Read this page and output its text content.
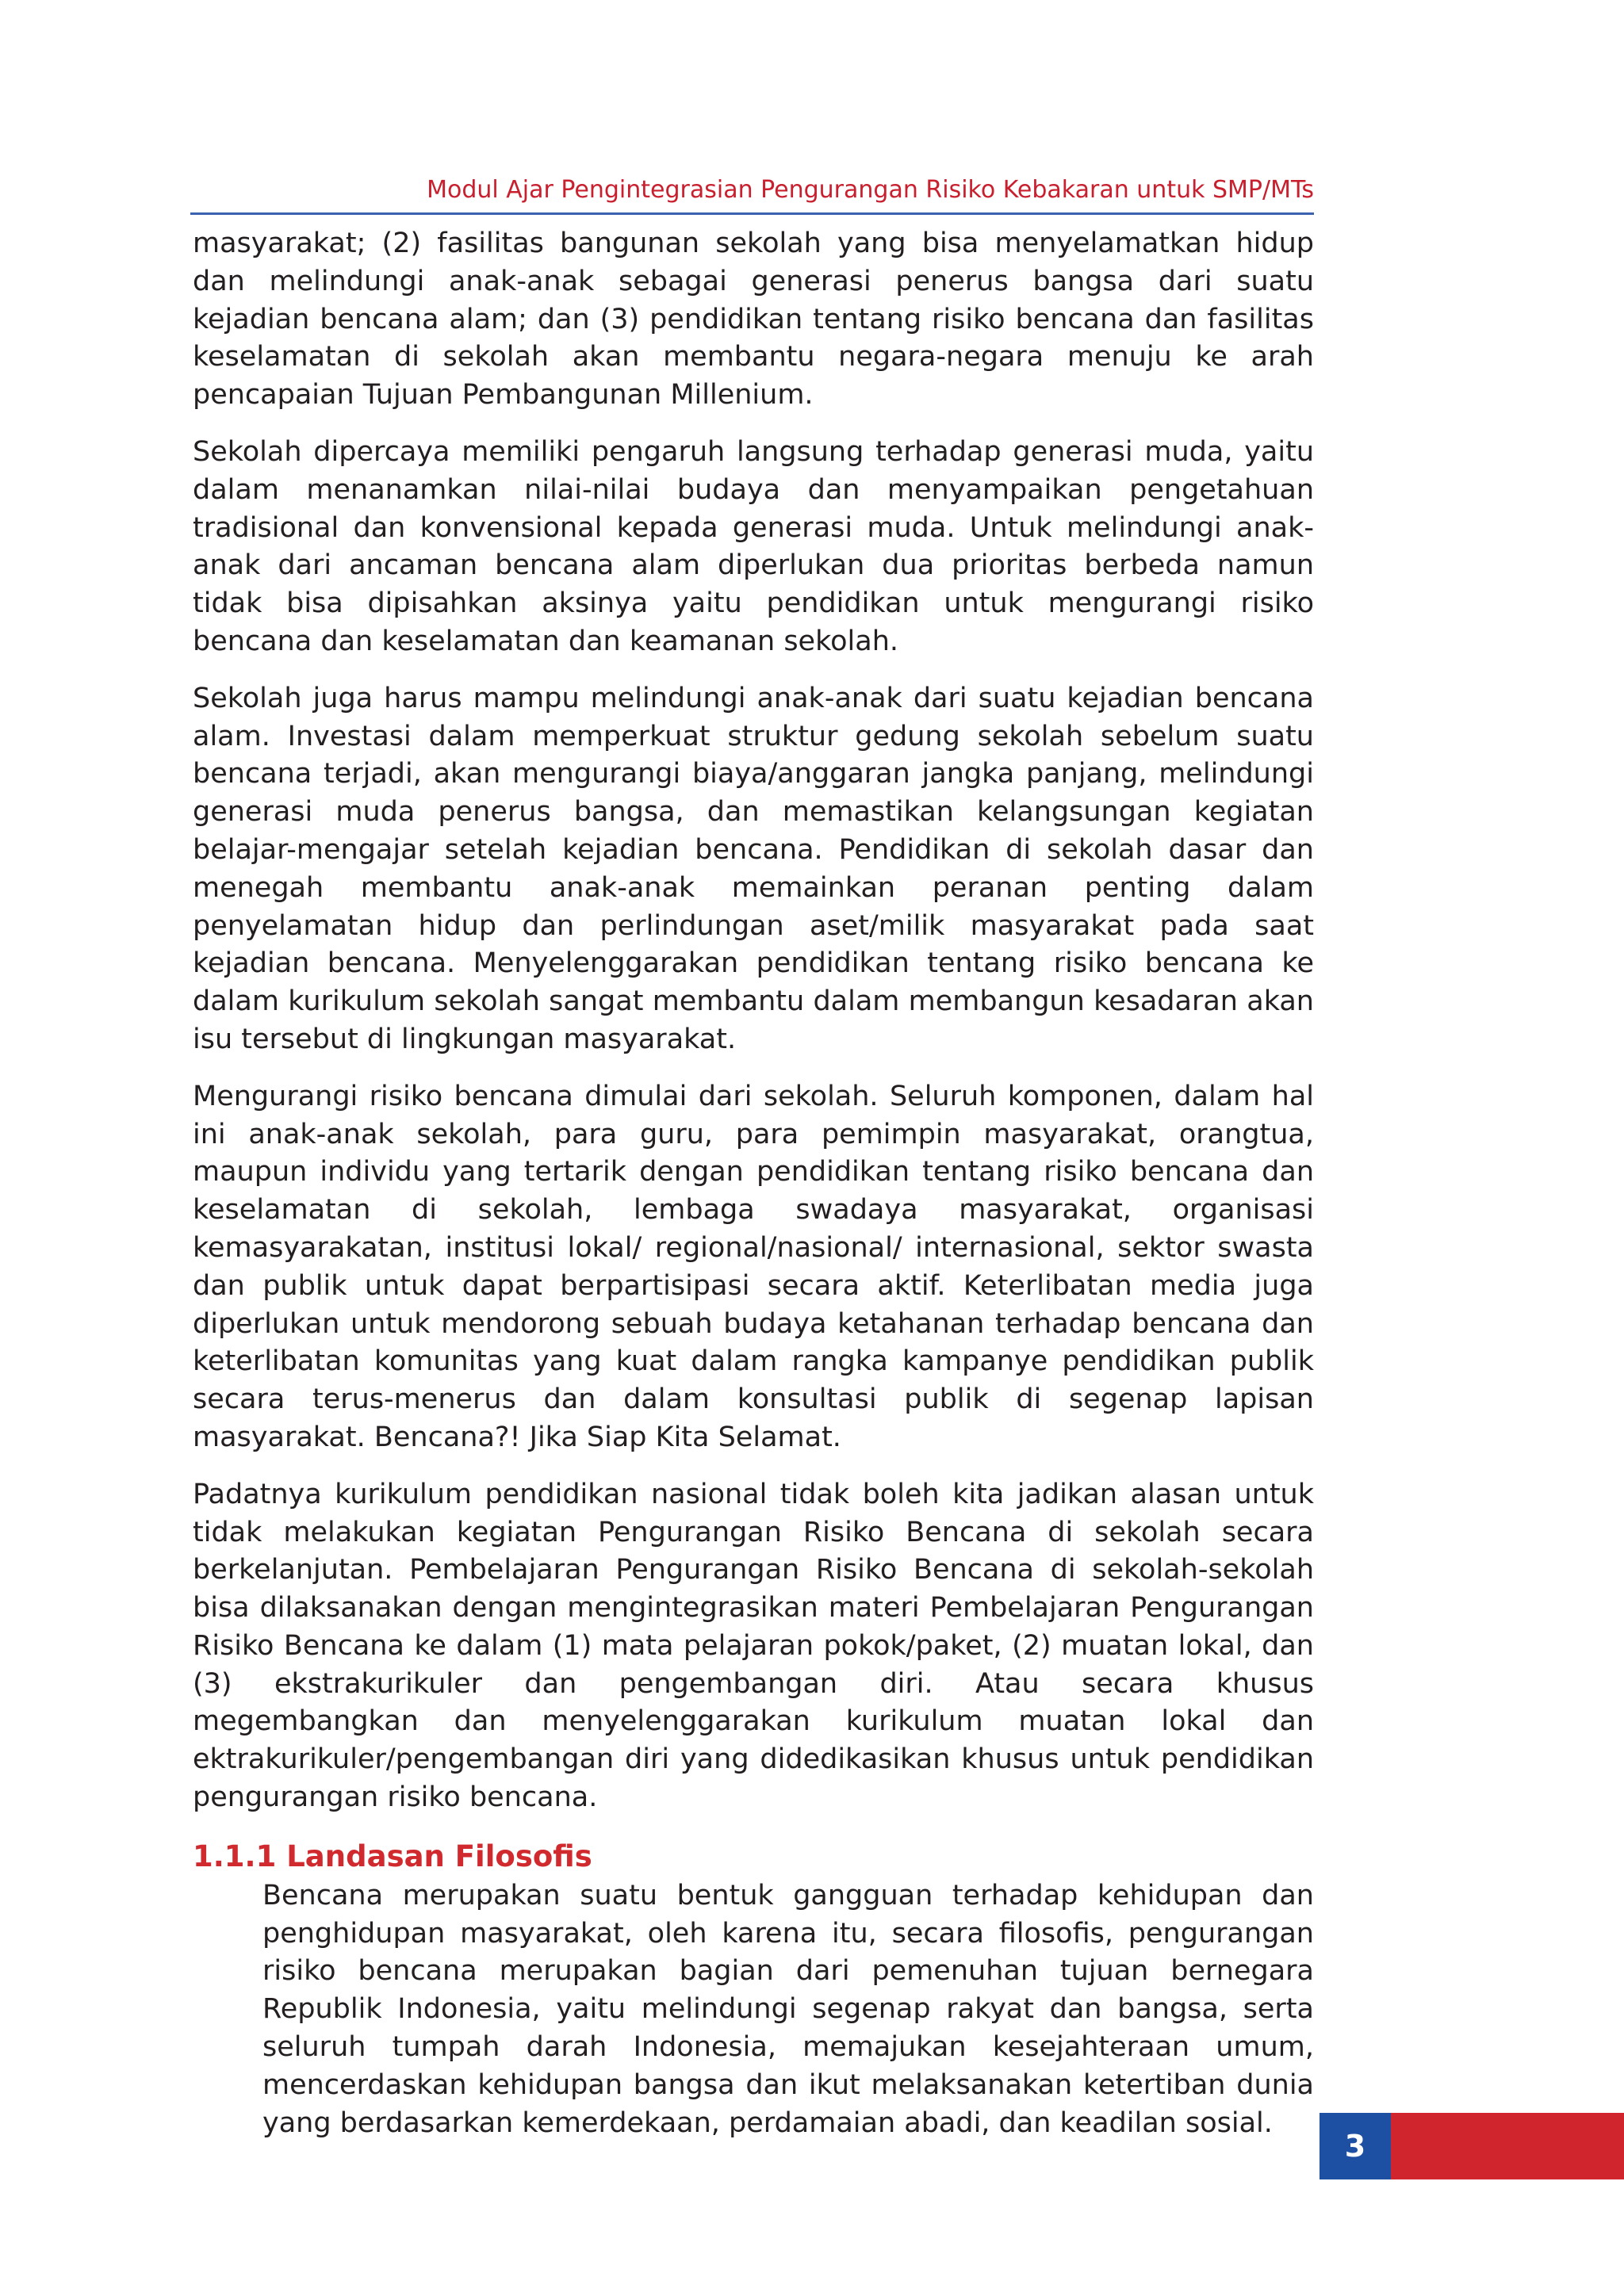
Modul Ajar Pengintegrasian Pengurangan Risiko Kebakaran untuk SMP/MTs

masyarakat; (2) fasilitas bangunan sekolah yang bisa menyelamatkan hidup dan melindungi anak-anak sebagai generasi penerus bangsa dari suatu kejadian bencana alam; dan (3) pendidikan tentang risiko bencana dan fasilitas keselamatan di sekolah akan membantu negara-negara menuju ke arah pencapaian Tujuan Pembangunan Millenium.

Sekolah dipercaya memiliki pengaruh langsung terhadap generasi muda, yaitu dalam menanamkan nilai-nilai budaya dan menyampaikan pengetahuan tradisional dan konvensional kepada generasi muda. Untuk melindungi anak-anak dari ancaman bencana alam diperlukan dua prioritas berbeda namun tidak bisa dipisahkan aksinya yaitu pendidikan untuk mengurangi risiko bencana dan keselamatan dan keamanan sekolah.

Sekolah juga harus mampu melindungi anak-anak dari suatu kejadian bencana alam. Investasi dalam memperkuat struktur gedung sekolah sebelum suatu bencana terjadi, akan mengurangi biaya/anggaran jangka panjang, melindungi generasi muda penerus bangsa, dan memastikan kelangsungan kegiatan belajar-mengajar setelah kejadian bencana. Pendidikan di sekolah dasar dan menegah membantu anak-anak memainkan peranan penting dalam penyelamatan hidup dan perlindungan aset/milik masyarakat pada saat kejadian bencana. Menyelenggarakan pendidikan tentang risiko bencana ke dalam kurikulum sekolah sangat membantu dalam membangun kesadaran akan isu tersebut di lingkungan masyarakat.

Mengurangi risiko bencana dimulai dari sekolah. Seluruh komponen, dalam hal ini anak-anak sekolah, para guru, para pemimpin masyarakat, orangtua, maupun individu yang tertarik dengan pendidikan tentang risiko bencana dan keselamatan di sekolah, lembaga swadaya masyarakat, organisasi kemasyarakatan, institusi lokal/ regional/nasional/ internasional, sektor swasta dan publik untuk dapat berpartisipasi secara aktif. Keterlibatan media juga diperlukan untuk mendorong sebuah budaya ketahanan terhadap bencana dan keterlibatan komunitas yang kuat dalam rangka kampanye pendidikan publik secara terus-menerus dan dalam konsultasi publik di segenap lapisan masyarakat. Bencana?! Jika Siap Kita Selamat.

Padatnya kurikulum pendidikan nasional tidak boleh kita jadikan alasan untuk tidak melakukan kegiatan Pengurangan Risiko Bencana di sekolah secara berkelanjutan. Pembelajaran Pengurangan Risiko Bencana di sekolah-sekolah bisa dilaksanakan dengan mengintegrasikan materi Pembelajaran Pengurangan Risiko Bencana ke dalam (1) mata pelajaran pokok/paket, (2) muatan lokal, dan (3) ekstrakurikuler dan pengembangan diri. Atau secara khusus megembangkan dan menyelenggarakan kurikulum muatan lokal dan ektrakurikuler/pengembangan diri yang didedikasikan khusus untuk pendidikan pengurangan risiko bencana.

1.1.1 Landasan Filosofis

Bencana merupakan suatu bentuk gangguan terhadap kehidupan dan penghidupan masyarakat, oleh karena itu, secara filosofis, pengurangan risiko bencana merupakan bagian dari pemenuhan tujuan bernegara Republik Indonesia, yaitu melindungi segenap rakyat dan bangsa, serta seluruh tumpah darah Indonesia, memajukan kesejahteraan umum, mencerdaskan kehidupan bangsa dan ikut melaksanakan ketertiban dunia yang berdasarkan kemerdekaan, perdamaian abadi, dan keadilan sosial.

3
